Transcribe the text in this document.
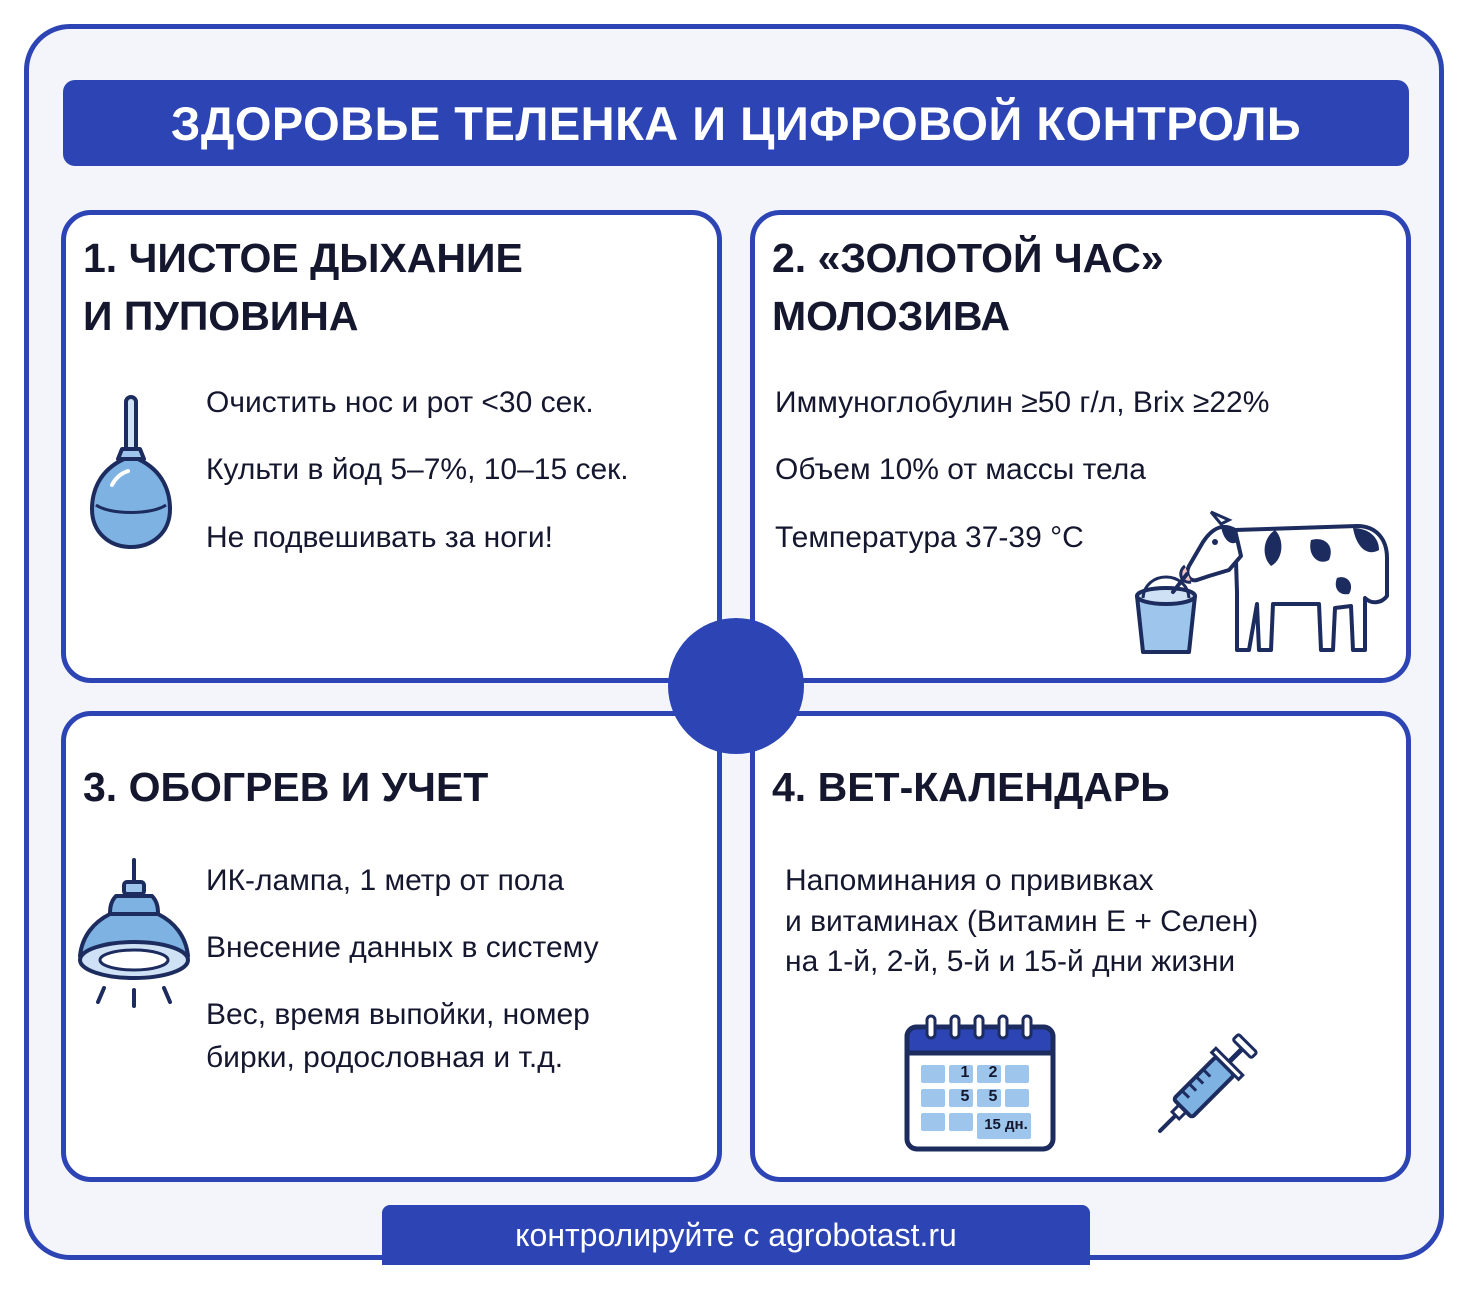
ЗДОРОВЬЕ ТЕЛЕНКА И ЦИФРОВОЙ КОНТРОЛЬ
1. ЧИСТОЕ ДЫХАНИЕ
И ПУПОВИНА
Очистить нос и рот <30 сек.
Культи в йод 5–7%, 10–15 сек.
Не подвешивать за ноги!
2. «ЗОЛОТОЙ ЧАС»
МОЛОЗИВА
Иммуноглобулин ≥50 г/л, Brix ≥22%
Объем 10% от массы тела
Температура 37-39 °C
3. ОБОГРЕВ И УЧЕТ
ИК-лампа, 1 метр от пола
Внесение данных в систему
Вес, время выпойки, номер
бирки, родословная и т.д.
4. ВЕТ-КАЛЕНДАРЬ
Напоминания о прививках
и витаминах (Витамин Е + Селен)
на 1-й, 2-й, 5-й и 15-й дни жизни
1	2
5	5
15 дн.
контролируйте с agrobotast.ru
